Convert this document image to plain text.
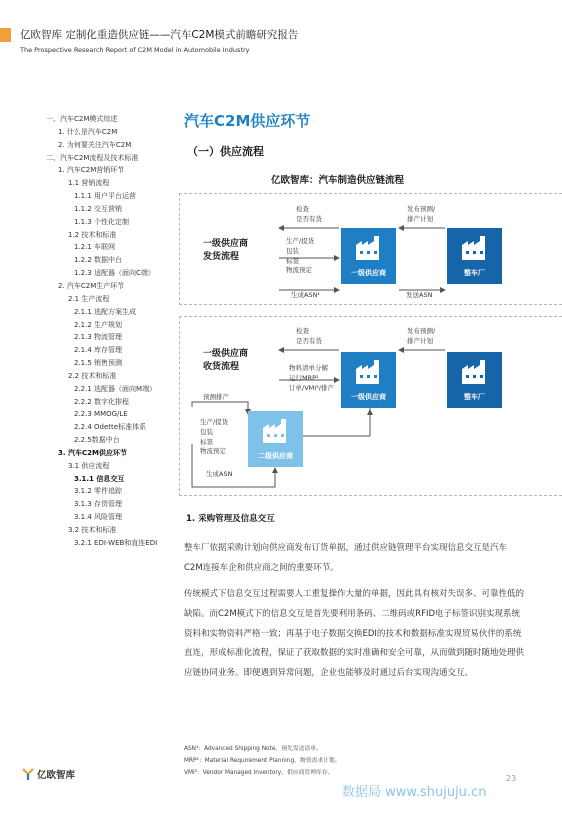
亿欧智库 定制化重造供应链——汽车C2M模式前瞻研究报告
The Prospective Research Report of C2M Model in Automobile Industry
一、汽车C2M模式综述
1. 什么是汽车C2M
2. 为何要关注汽车C2M
二、汽车C2M流程及技术标准
1. 汽车C2M营销环节
1.1 营销流程
1.1.1 用户平台运营
1.1.2 交互营销
1.1.3 个性化定制
1.2 技术和标准
1.2.1 车联网
1.2.2 数据中台
1.2.3 适配器（面向C端）
2. 汽车C2M生产环节
2.1 生产流程
2.1.1 选配方案生成
2.1.2 生产规划
2.1.3 物流管理
2.1.4 库存管理
2.1.5 销售预测
2.2 技术和标准
2.2.1 选配器（面向M端）
2.2.2 数字化排程
2.2.3 MMOG/LE
2.2.4 Odette标准体系
2.2.5数据中台
3. 汽车C2M供应环节
3.1 供应流程
3.1.1 信息交互
3.1.2 零件追踪
3.1.3 存货管理
3.1.4 风险管理
3.2 技术和标准
3.2.1 EDI-WEB和直连EDI
汽车C2M供应环节
（一）供应流程
亿欧智库：汽车制造供应链流程
一级供应商
发货流程
检查
是否有货
发布预测/
排产计划
生产/提货
包装
标签
物流预定
生成ASN¹	发送ASN
一级供应商	整车厂
一级供应商
收货流程
检查
是否有货
发布预测/
排产计划
物料清单分解
运行MRP²
订单/VMI³/排产
预测排产
生产/提货
包装
标签
物流预定
生成ASN
一级供应商	整车厂
二级供应商
1. 采购管理及信息交互

整车厂依据采购计划向供应商发布订货单据，通过供应链管理平台实现信息交互是汽车C2M连接车企和供应商之间的重要环节。

传统模式下信息交互过程需要人工重复操作大量的单据，因此具有核对失误多、可靠性低的缺陷。而C2M模式下的信息交互是首先要利用条码、二维码或RFID电子标签识别实现系统资料和实物资料严格一致；再基于电子数据交换EDI的技术和数据标准实现贸易伙伴的系统直连，形成标准化流程，保证了获取数据的实时准确和安全可靠，从而做到随时随地处理供应链协同业务。即便遇到异常问题，企业也能够及时通过后台实现沟通交互。

ASN¹：Advanced Shipping Note，预先发送清单。
MRP²：Material Requirement Planning，物资需求计划。
VMI³：Vendor Managed Inventory，供应商管理库存。
亿欧智库	23
数据局 www.shujuju.cn
